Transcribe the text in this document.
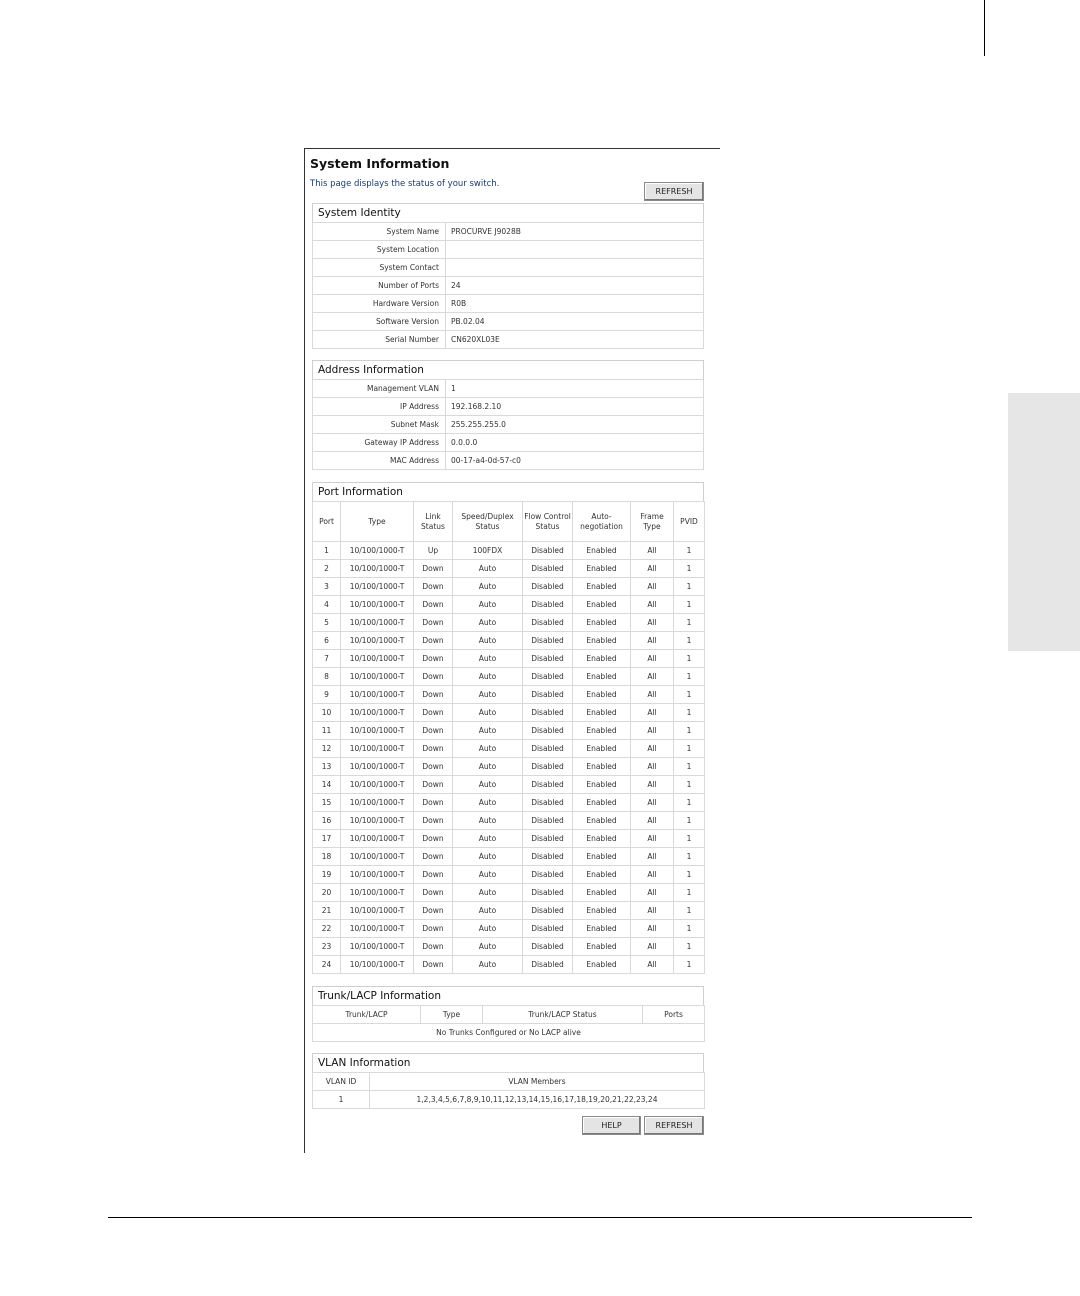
System Information
This page displays the status of your switch.
REFRESH
System Identity
System Name	PROCURVE J9028B
System Location	
System Contact	
Number of Ports	24
Hardware Version	R0B
Software Version	PB.02.04
Serial Number	CN620XL03E
Address Information
Management VLAN	1
IP Address	192.168.2.10
Subnet Mask	255.255.255.0
Gateway IP Address	0.0.0.0
MAC Address	00-17-a4-0d-57-c0
Port Information
Port	Type	Link Status	Speed/Duplex Status	Flow Control Status	Auto-negotiation	Frame Type	PVID
1	10/100/1000-T	Up	100FDX	Disabled	Enabled	All	1
2	10/100/1000-T	Down	Auto	Disabled	Enabled	All	1
3	10/100/1000-T	Down	Auto	Disabled	Enabled	All	1
4	10/100/1000-T	Down	Auto	Disabled	Enabled	All	1
5	10/100/1000-T	Down	Auto	Disabled	Enabled	All	1
6	10/100/1000-T	Down	Auto	Disabled	Enabled	All	1
7	10/100/1000-T	Down	Auto	Disabled	Enabled	All	1
8	10/100/1000-T	Down	Auto	Disabled	Enabled	All	1
9	10/100/1000-T	Down	Auto	Disabled	Enabled	All	1
10	10/100/1000-T	Down	Auto	Disabled	Enabled	All	1
11	10/100/1000-T	Down	Auto	Disabled	Enabled	All	1
12	10/100/1000-T	Down	Auto	Disabled	Enabled	All	1
13	10/100/1000-T	Down	Auto	Disabled	Enabled	All	1
14	10/100/1000-T	Down	Auto	Disabled	Enabled	All	1
15	10/100/1000-T	Down	Auto	Disabled	Enabled	All	1
16	10/100/1000-T	Down	Auto	Disabled	Enabled	All	1
17	10/100/1000-T	Down	Auto	Disabled	Enabled	All	1
18	10/100/1000-T	Down	Auto	Disabled	Enabled	All	1
19	10/100/1000-T	Down	Auto	Disabled	Enabled	All	1
20	10/100/1000-T	Down	Auto	Disabled	Enabled	All	1
21	10/100/1000-T	Down	Auto	Disabled	Enabled	All	1
22	10/100/1000-T	Down	Auto	Disabled	Enabled	All	1
23	10/100/1000-T	Down	Auto	Disabled	Enabled	All	1
24	10/100/1000-T	Down	Auto	Disabled	Enabled	All	1
Trunk/LACP Information
Trunk/LACP	Type	Trunk/LACP Status	Ports
No Trunks Configured or No LACP alive
VLAN Information
VLAN ID	VLAN Members
1	1,2,3,4,5,6,7,8,9,10,11,12,13,14,15,16,17,18,19,20,21,22,23,24
HELP	REFRESH
